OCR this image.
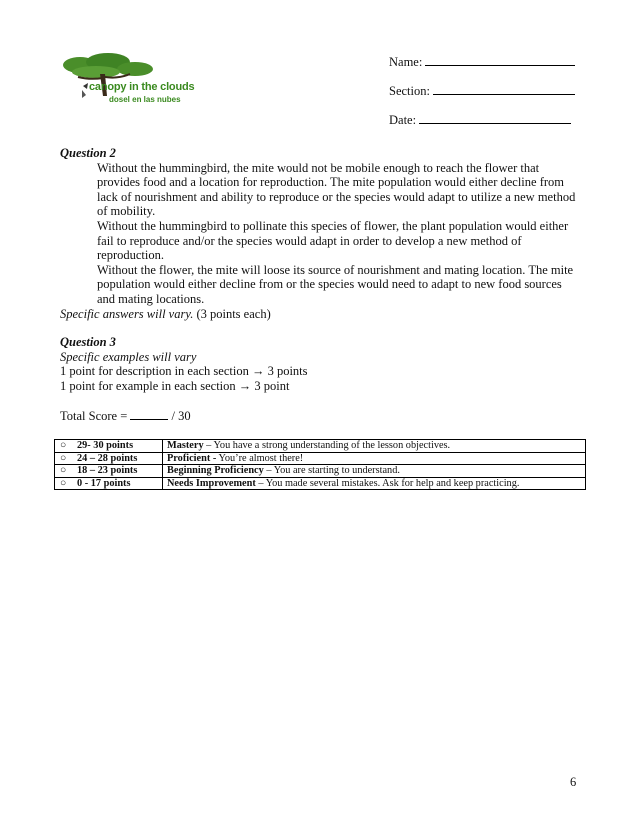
canopy in the clouds
dosel en las nubes
Name:
Section:
Date:
Question 2
Without the hummingbird, the mite would not be mobile enough to reach the flower that
provides food and a location for reproduction. The mite population would either decline from
lack of nourishment and ability to reproduce or the species would adapt to utilize a new method
of mobility.
Without the hummingbird to pollinate this species of flower, the plant population would either
fail to reproduce and/or the species would adapt in order to develop a new method of
reproduction.
Without the flower, the mite will loose its source of nourishment and mating location. The mite
population would either decline from or the species would need to adapt to new food sources
and mating locations.
Specific answers will vary. (3 points each)
Question 3
Specific examples will vary
1 point for description in each section → 3 points
1 point for example in each section → 3 point
Total Score =	/ 30
○ 29- 30 points	Mastery – You have a strong understanding of the lesson objectives.
○ 24 – 28 points	Proficient - You’re almost there!
○ 18 – 23 points	Beginning Proficiency – You are starting to understand.
○ 0 - 17 points	Needs Improvement – You made several mistakes. Ask for help and keep practicing.
6
